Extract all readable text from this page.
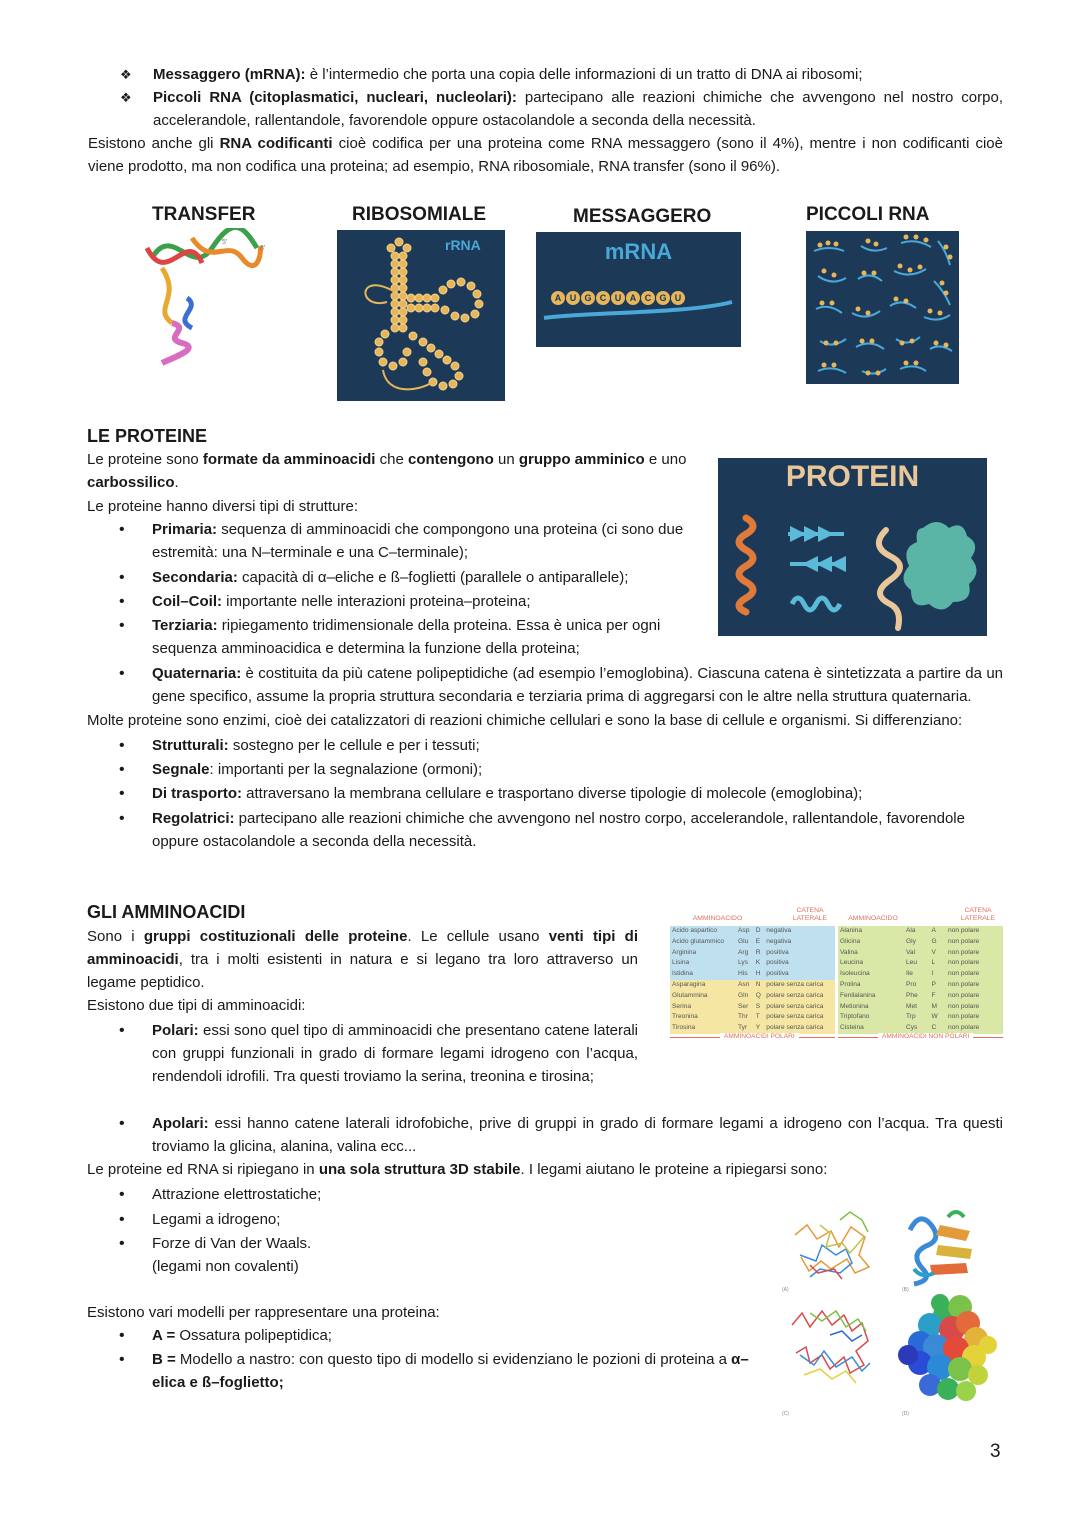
❖ Messaggero (mRNA): è l’intermedio che porta una copia delle informazioni di un tratto di DNA ai ribosomi;
❖ Piccoli RNA (citoplasmatici, nucleari, nucleolari): partecipano alle reazioni chimiche che avvengono nel nostro corpo, accelerandole, rallentandole, favorendole oppure ostacolandole a seconda della necessità.

Esistono anche gli RNA codificanti cioè codifica per una proteina come RNA messaggero (sono il 4%), mentre i non codificanti cioè viene prodotto, ma non codifica una proteina; ad esempio, RNA ribosomiale, RNA transfer (sono il 96%).

TRANSFER	RIBOSOMIALE	MESSAGGERO	PICCOLI RNA
5'
3'	rRNA	mRNA
A U G C U A C G U
LE PROTEINE
Le proteine sono formate da amminoacidi che contengono un gruppo amminico e uno carbossilico.
Le proteine hanno diversi tipi di strutture:
PROTEIN
• Primaria: sequenza di amminoacidi che compongono una proteina (ci sono due estremità: una N–terminale e una C–terminale);
• Secondaria: capacità di α–eliche e ß–foglietti (parallele o antiparallele);
• Coil–Coil: importante nelle interazioni proteina–proteina;
• Terziaria: ripiegamento tridimensionale della proteina. Essa è unica per ogni sequenza amminoacidica e determina la funzione della proteina;
• Quaternaria: è costituita da più catene polipeptidiche (ad esempio l’emoglobina). Ciascuna catena è sintetizzata a partire da un gene specifico, assume la propria struttura secondaria e terziaria prima di aggregarsi con le altre nella struttura quaternaria.

Molte proteine sono enzimi, cioè dei catalizzatori di reazioni chimiche cellulari e sono la base di cellule e organismi. Si differenziano:

• Strutturali: sostegno per le cellule e per i tessuti;
• Segnale: importanti per la segnalazione (ormoni);
• Di trasporto: attraversano la membrana cellulare e trasportano diverse tipologie di molecole (emoglobina);
• Regolatrici: partecipano alle reazioni chimiche che avvengono nel nostro corpo, accelerandole, rallentandole, favorendole oppure ostacolandole a seconda della necessità.
GLI AMMINOACIDI
Sono i gruppi costituzionali delle proteine. Le cellule usano venti tipi di amminoacidi, tra i molti esistenti in natura e si legano tra loro attraverso un legame peptidico.
Esistono due tipi di amminoacidi:
• Polari: essi sono quel tipo di amminoacidi che presentano catene laterali con gruppi funzionali in grado di formare legami idrogeno con l’acqua, rendendoli idrofili. Tra questi troviamo la serina, treonina e tirosina;
• Apolari: essi hanno catene laterali idrofobiche, prive di gruppi in grado di formare legami a idrogeno con l’acqua. Tra questi troviamo la glicina, alanina, valina ecc...

Le proteine ed RNA si ripiegano in una sola struttura 3D stabile. I legami aiutano le proteine a ripiegarsi sono:

• Attrazione elettrostatiche;
• Legami a idrogeno;
• Forze di Van der Waals.
(legami non covalenti)

Esistono vari modelli per rappresentare una proteina:

• A = Ossatura polipeptidica;
• B = Modello a nastro: con questo tipo di modello si evidenziano le pozioni di proteina a α–elica e ß–foglietto;
AMMINOACIDO
CATENA LATERALE
Acido aspartico	Asp	D	negativa
Acido glutammico	Glu	E	negativa
Arginina	Arg	R	positiva
Lisina	Lys	K	positiva
Istidina	His	H	positiva
Asparagina	Asn	N	polare senza carica
Glutammina	Gln	Q	polare senza carica
Serina	Ser	S	polare senza carica
Treonina	Thr	T	polare senza carica
Tirosina	Tyr	Y	polare senza carica
AMMINOACIDI POLARI
AMMINOACIDO
CATENA LATERALE
Alanina	Ala	A	non polare
Glicina	Gly	G	non polare
Valina	Val	V	non polare
Leucina	Leu	L	non polare
Isoleucina	Ile	I	non polare
Prolina	Pro	P	non polare
Fenilalanina	Phe	F	non polare
Metionina	Met	M	non polare
Triptofano	Trp	W	non polare
Cisteina	Cys	C	non polare
AMMINOACIDI NON POLARI
(A)	(B)
(C)	(D)
3
